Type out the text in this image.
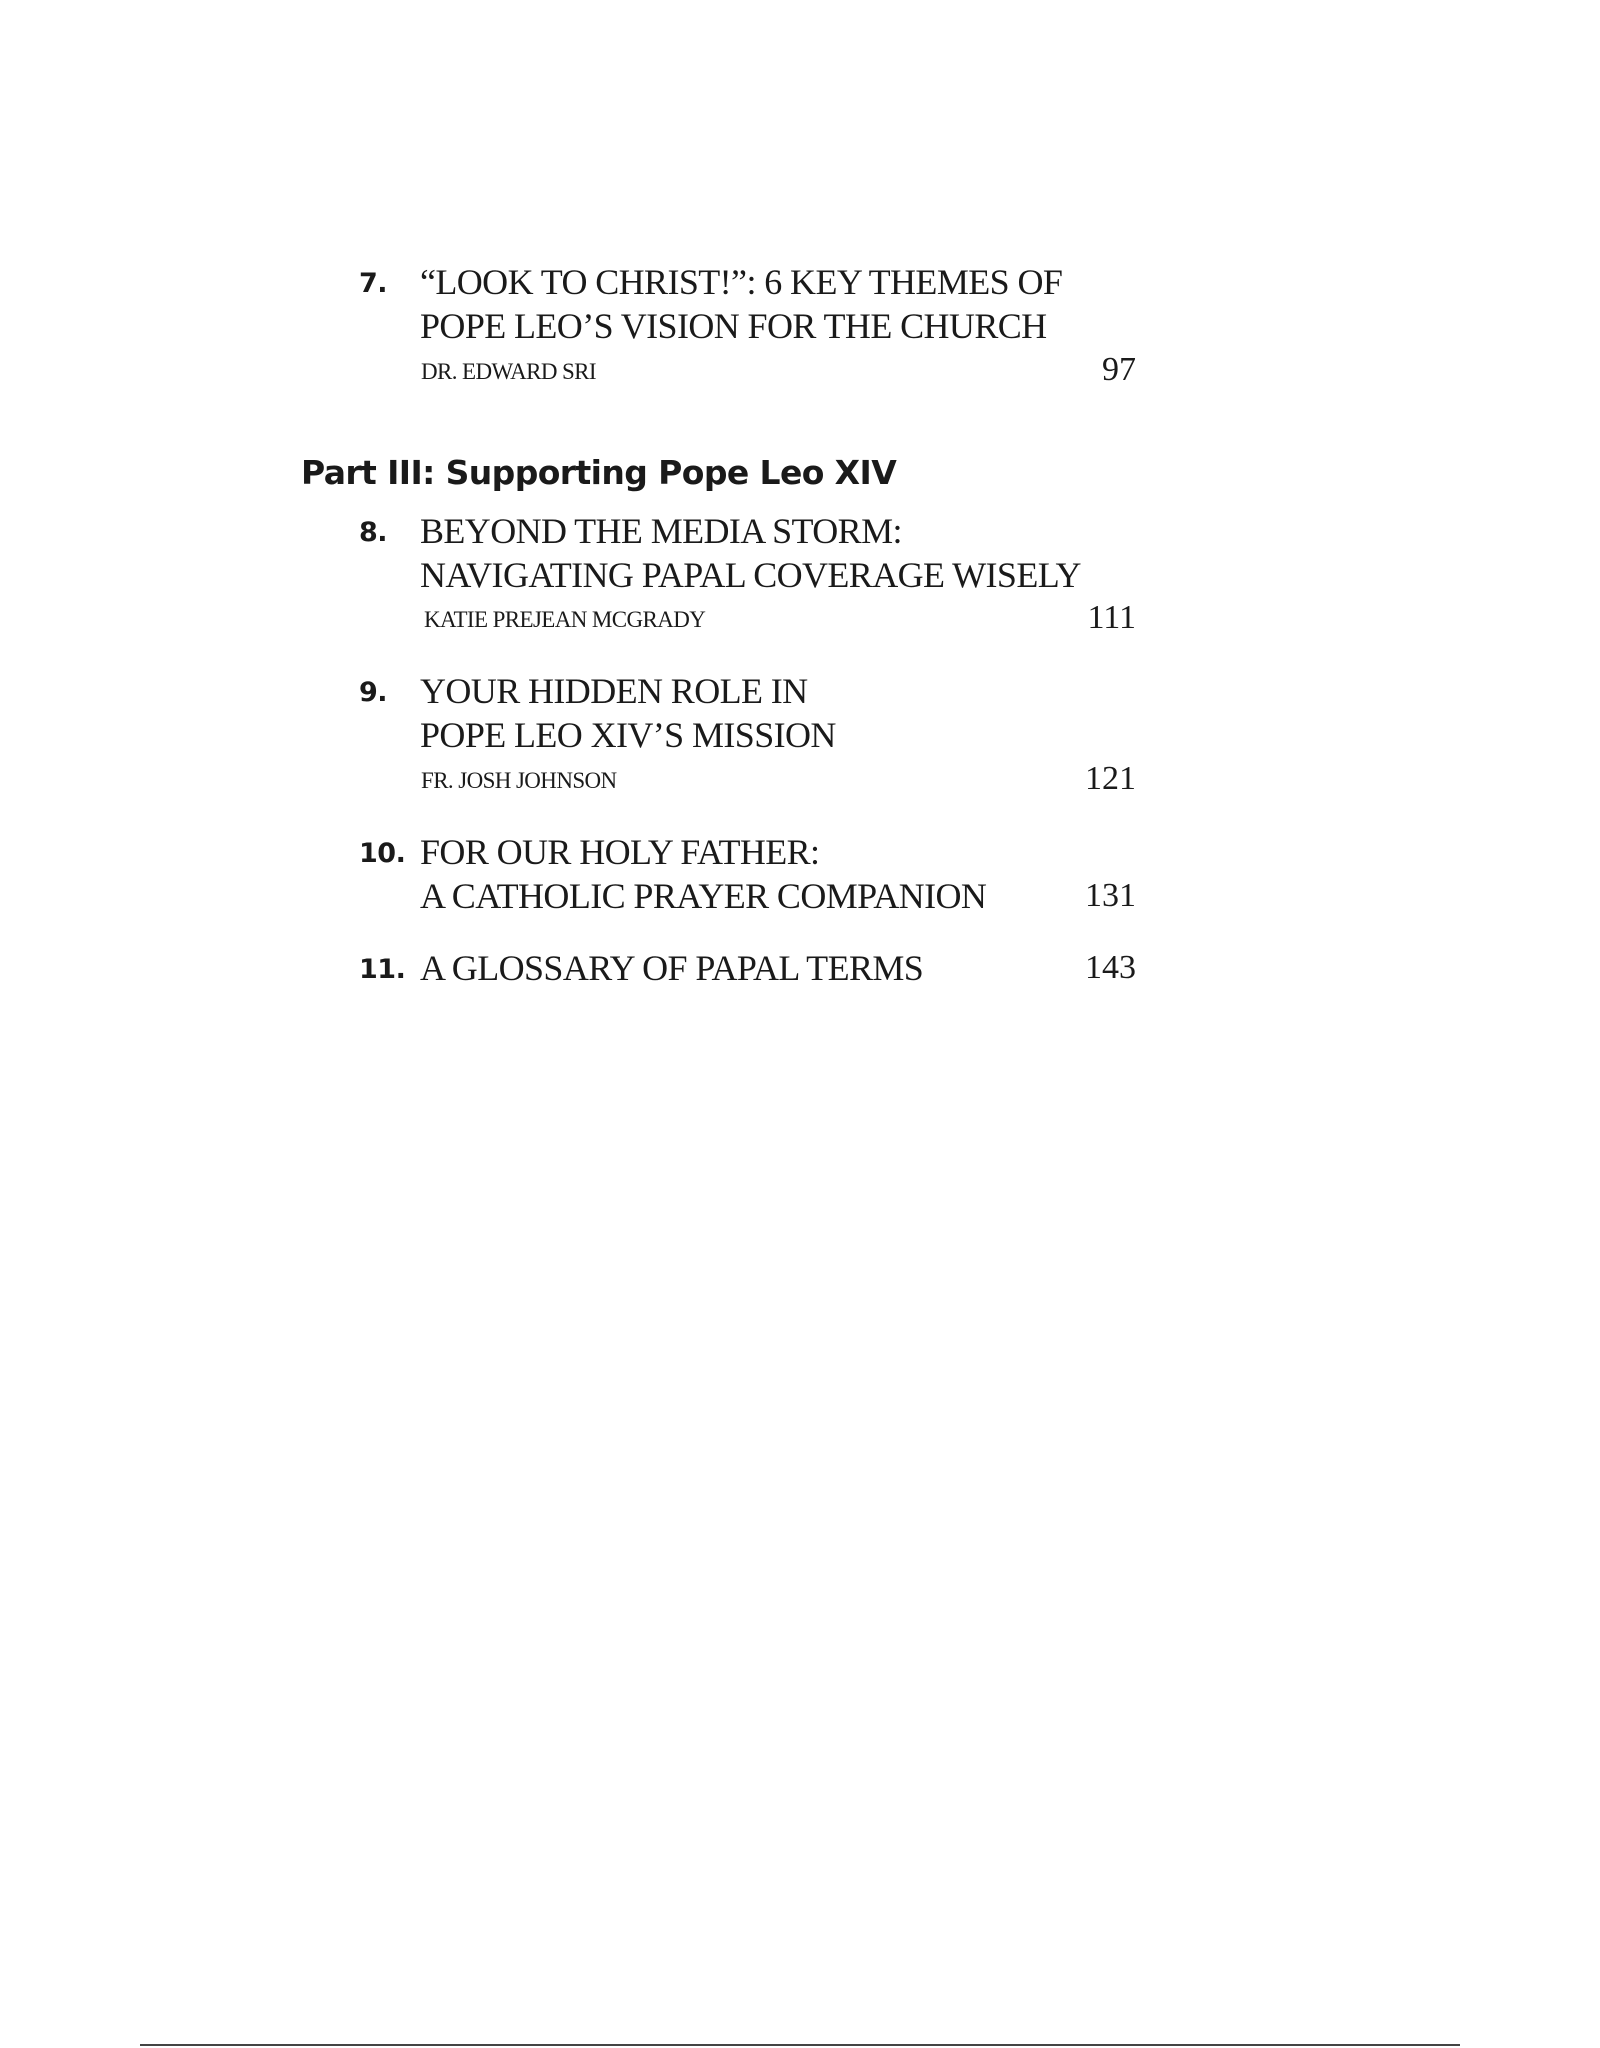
7. “LOOK TO CHRIST!”: 6 KEY THEMES OF
POPE LEO’S VISION FOR THE CHURCH
DR. EDWARD SRI	97
Part III: Supporting Pope Leo XIV
8. BEYOND THE MEDIA STORM:
NAVIGATING PAPAL COVERAGE WISELY
KATIE PREJEAN MCGRADY	111
9. YOUR HIDDEN ROLE IN
POPE LEO XIV’S MISSION
FR. JOSH JOHNSON	121
10. FOR OUR HOLY FATHER:
A CATHOLIC PRAYER COMPANION	131
11. A GLOSSARY OF PAPAL TERMS	143
